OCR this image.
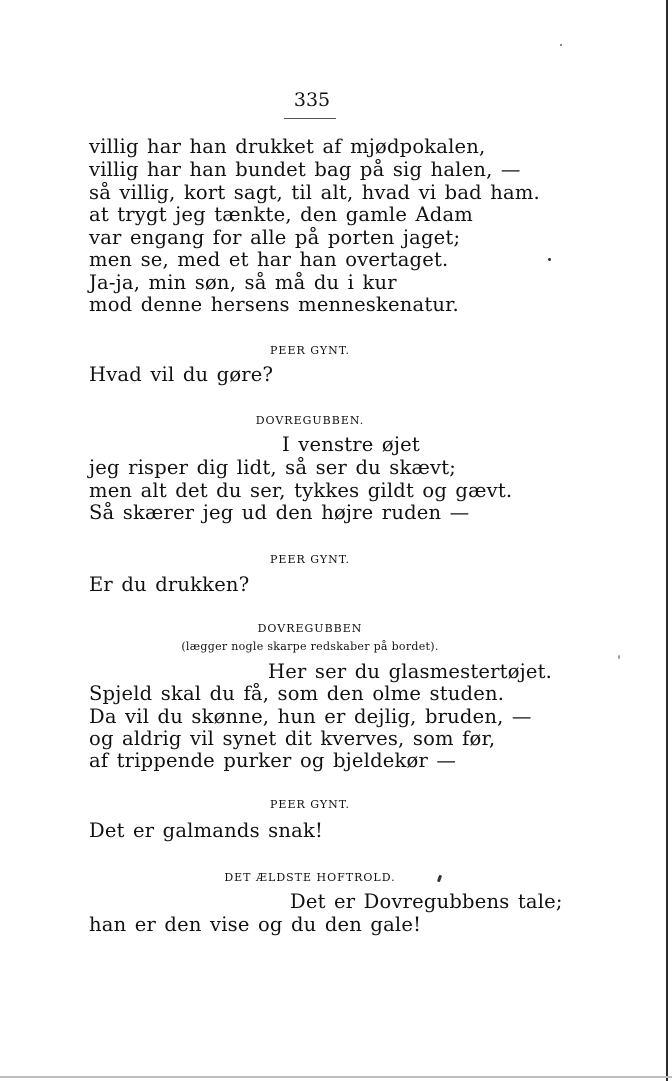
335
villig har han drukket af mjødpokalen,
villig har han bundet bag på sig halen, —
så villig, kort sagt, til alt, hvad vi bad ham.
at trygt jeg tænkte, den gamle Adam
var engang for alle på porten jaget;
men se, med et har han overtaget.
Ja-ja, min søn, så må du i kur
mod denne hersens menneskenatur.
PEER GYNT.
Hvad vil du gøre?
DOVREGUBBEN.
I venstre øjet
jeg risper dig lidt, så ser du skævt;
men alt det du ser, tykkes gildt og gævt.
Så skærer jeg ud den højre ruden —
PEER GYNT.
Er du drukken?
DOVREGUBBEN
(lægger nogle skarpe redskaber på bordet).
Her ser du glasmestertøjet.
Spjeld skal du få, som den olme studen.
Da vil du skønne, hun er dejlig, bruden, —
og aldrig vil synet dit kverves, som før,
af trippende purker og bjeldekør —
PEER GYNT.
Det er galmands snak!
DET ÆLDSTE HOFTROLD.
Det er Dovregubbens tale;
han er den vise og du den gale!
